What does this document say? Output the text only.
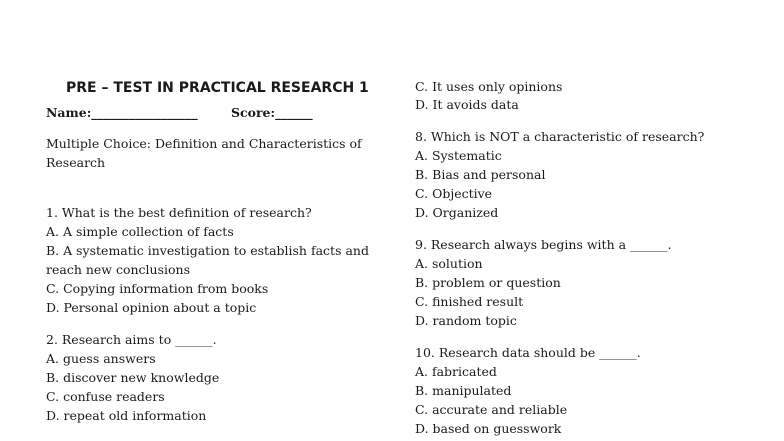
PRE – TEST IN PRACTICAL RESEARCH 1
Name:_________________	Score:______
Multiple Choice: Definition and Characteristics of
Research
1. What is the best definition of research?
A. A simple collection of facts
B. A systematic investigation to establish facts and
reach new conclusions
C. Copying information from books
D. Personal opinion about a topic
2. Research aims to ______.
A. guess answers
B. discover new knowledge
C. confuse readers
D. repeat old information
C. It uses only opinions
D. It avoids data
8. Which is NOT a characteristic of research?
A. Systematic
B. Bias and personal
C. Objective
D. Organized
9. Research always begins with a ______.
A. solution
B. problem or question
C. finished result
D. random topic
10. Research data should be ______.
A. fabricated
B. manipulated
C. accurate and reliable
D. based on guesswork
